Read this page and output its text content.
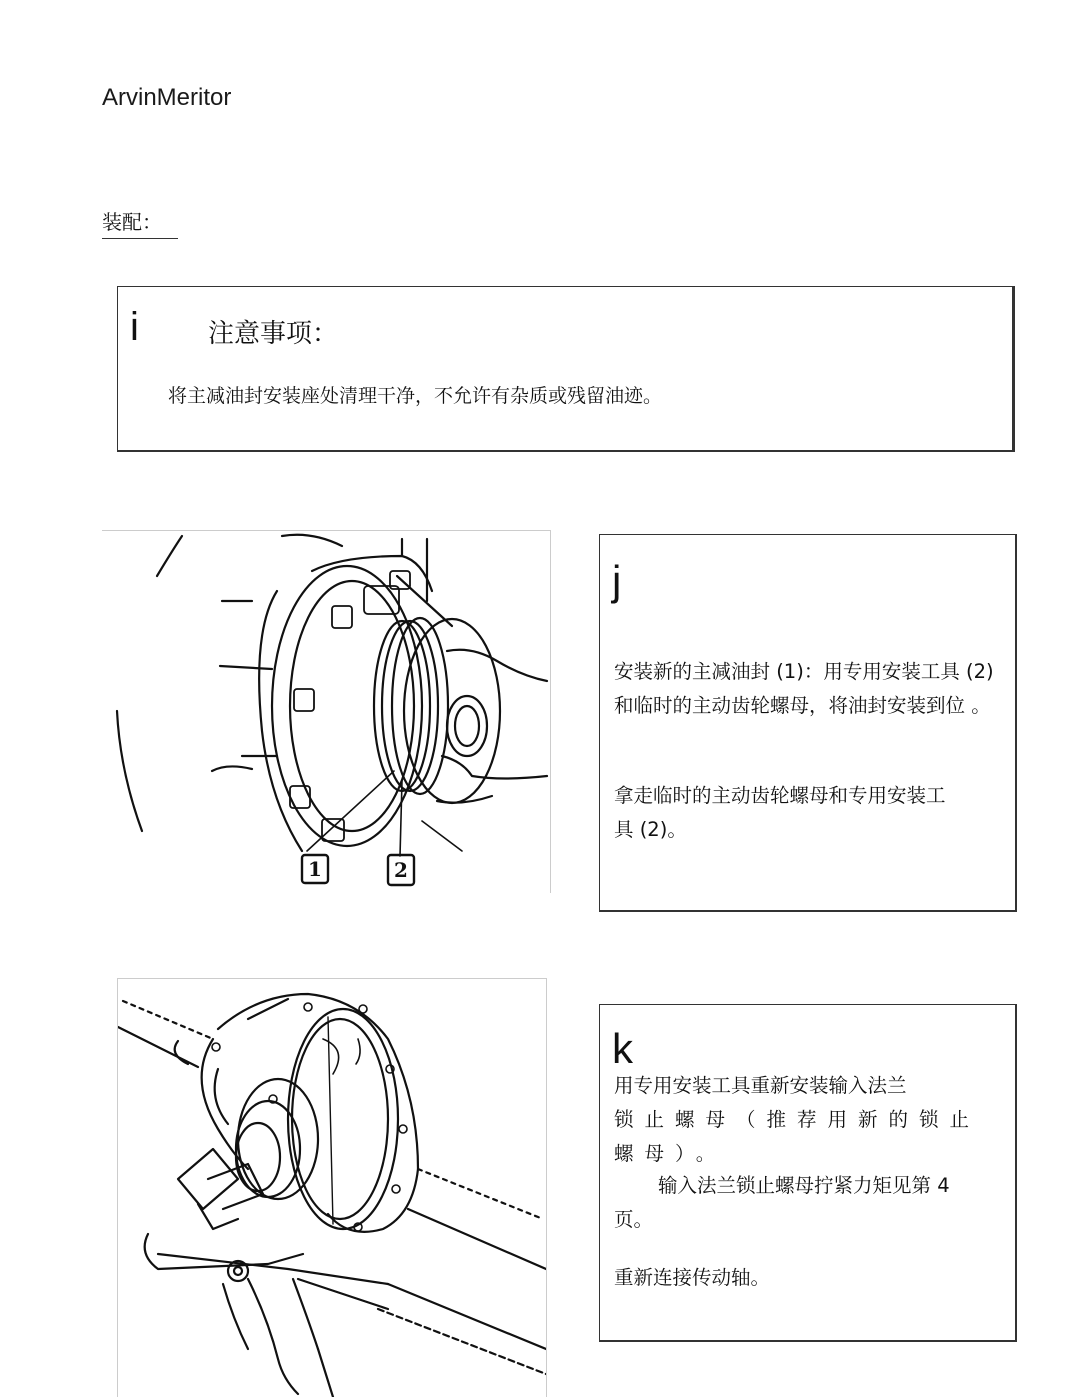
ArvinMeritor
装配：
i	注意事项：
将主减油封安装座处清理干净，不允许有杂质或残留油迹。
1	2
j

安装新的主减油封 (1)：用专用安装工具 (2)和临时的主动齿轮螺母，将油封安装到位 。

拿走临时的主动齿轮螺母和专用安装工具 (2)。

k

用专用安装工具重新安装输入法兰
锁止螺母（推荐用新的锁止螺母）。

输入法兰锁止螺母拧紧力矩见第 4 页。

重新连接传动轴。
